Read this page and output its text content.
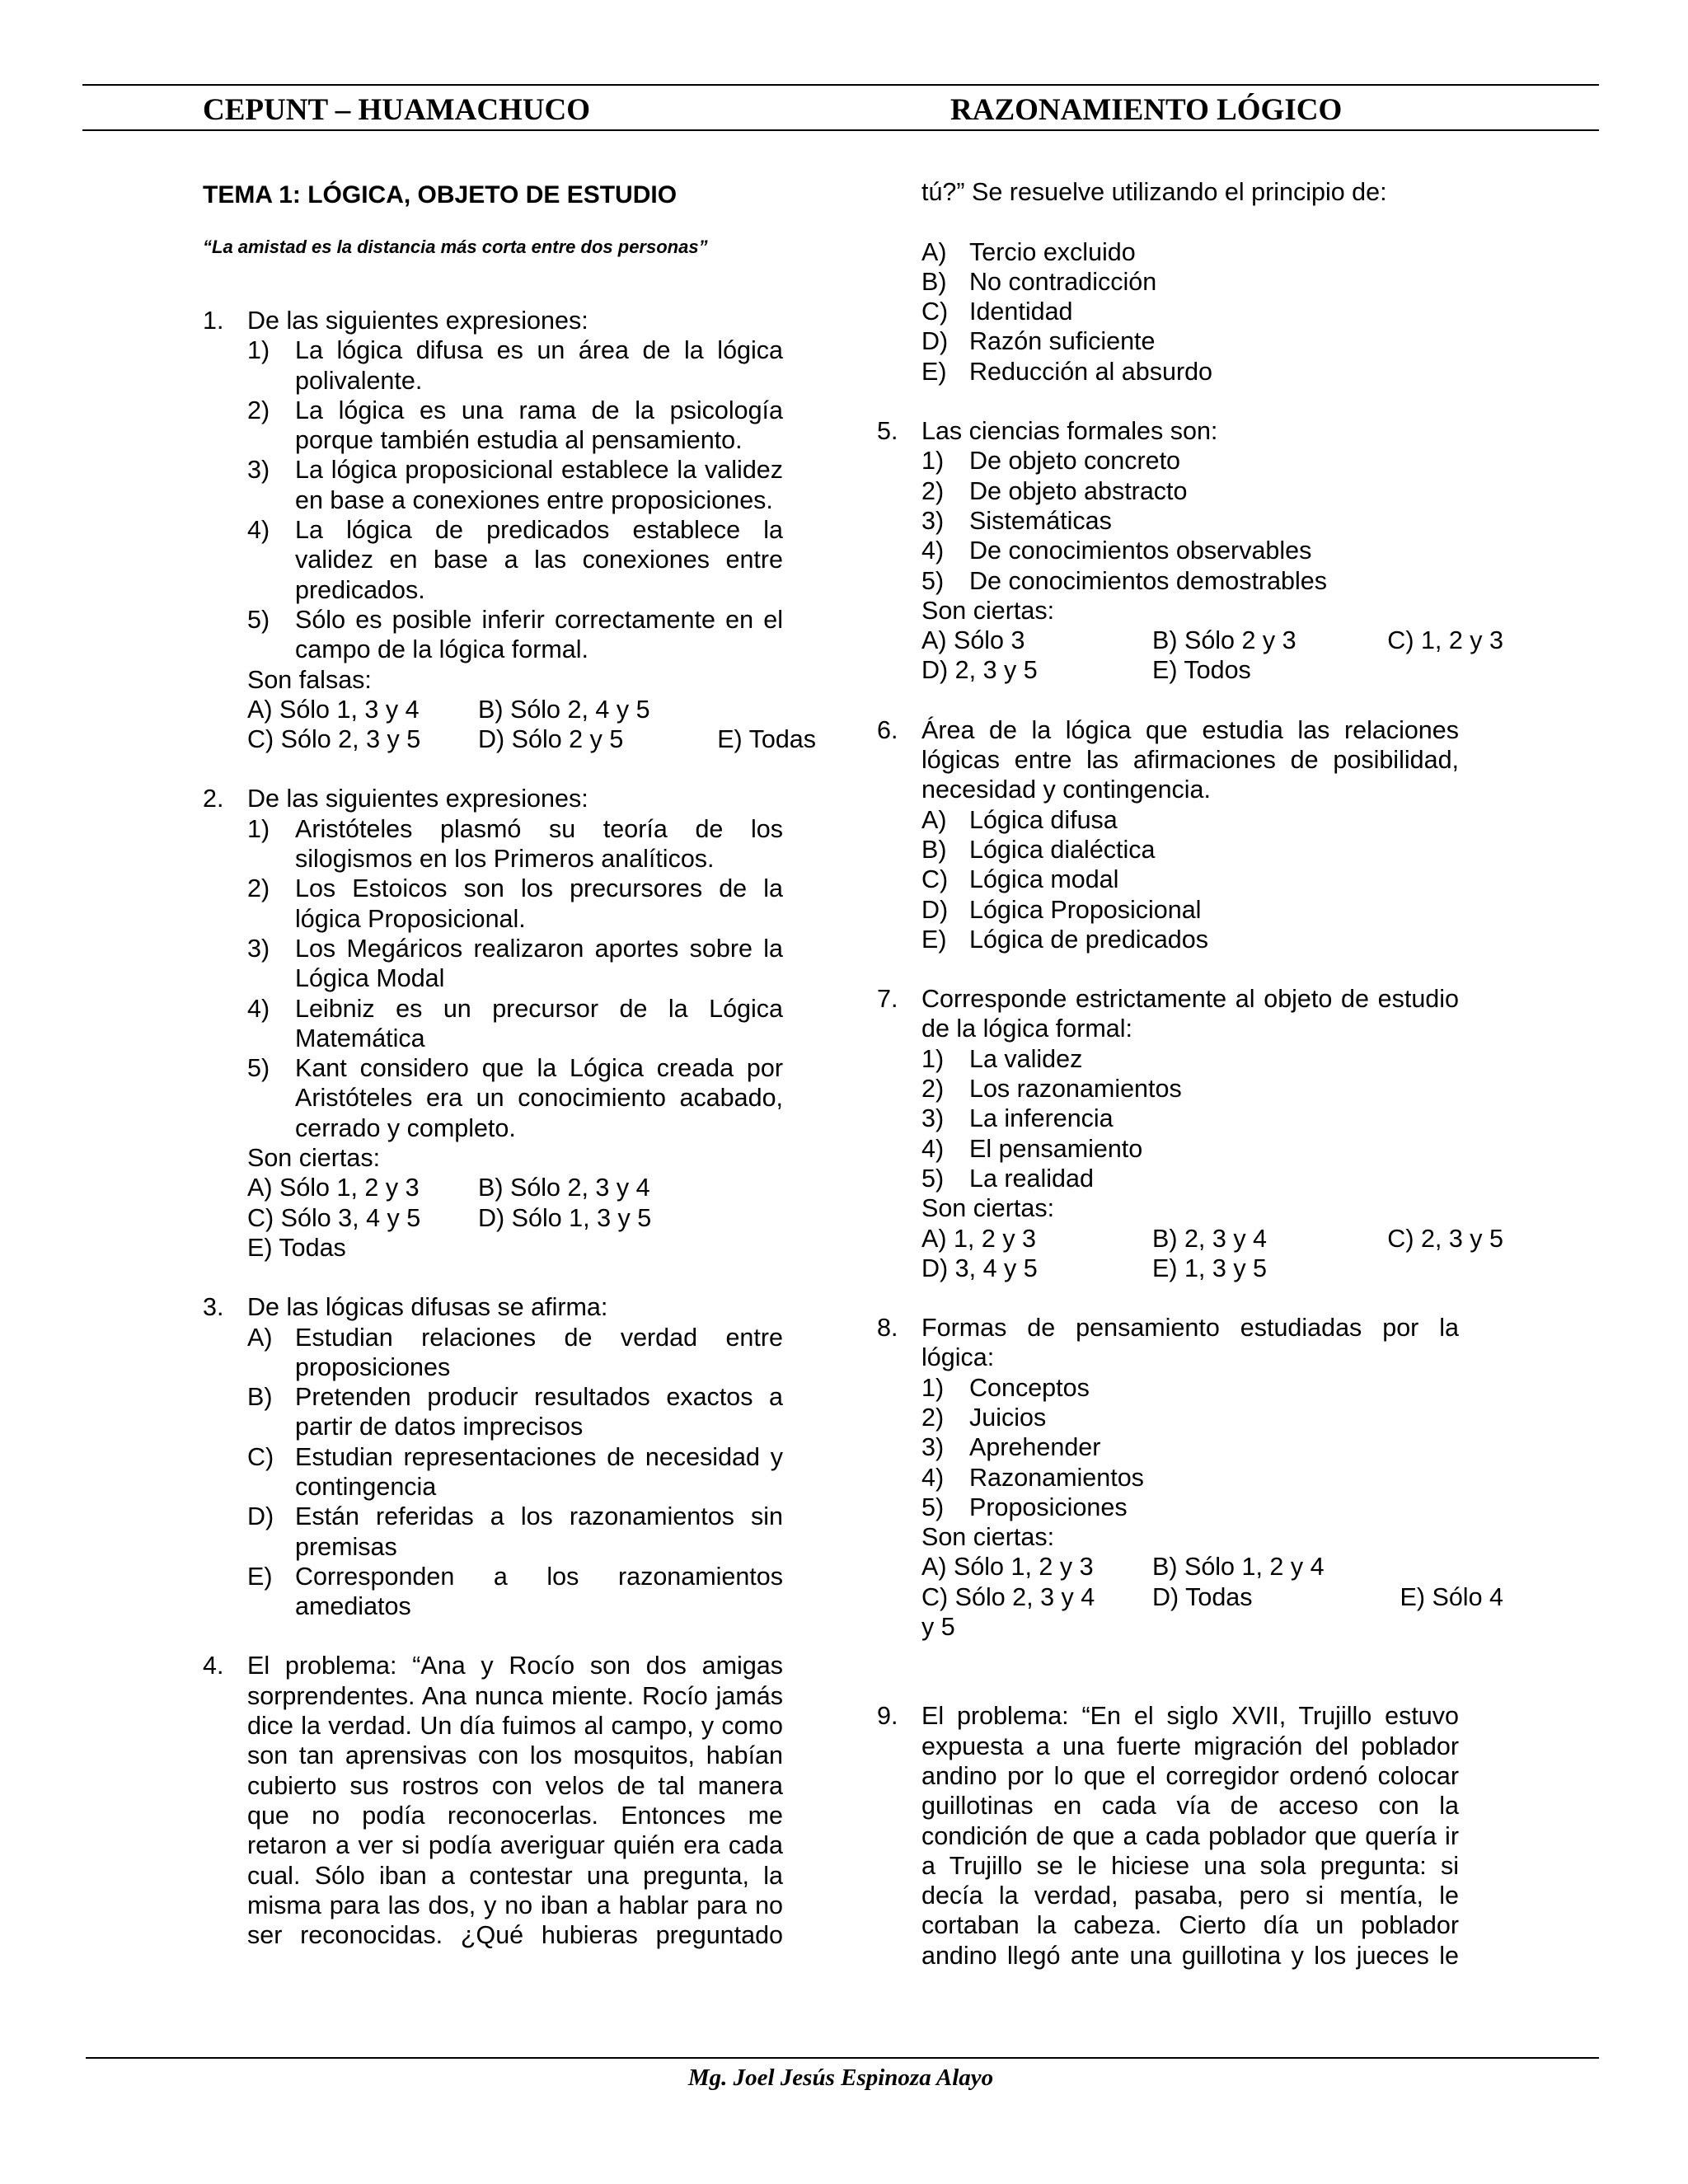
CEPUNT – HUAMACHUCO	RAZONAMIENTO LÓGICO
TEMA 1: LÓGICA, OBJETO DE ESTUDIO
“La amistad es la distancia más corta entre dos personas”
1. De las siguientes expresiones:
1) La lógica difusa es un área de la lógica polivalente.
2) La lógica es una rama de la psicología porque también estudia al pensamiento.
3) La lógica proposicional establece la validez en base a conexiones entre proposiciones.
4) La lógica de predicados establece la validez en base a las conexiones entre predicados.
5) Sólo es posible inferir correctamente en el campo de la lógica formal.
Son falsas:
A) Sólo 1, 3 y 4	B) Sólo 2, 4 y 5
C) Sólo 2, 3 y 5	D) Sólo 2 y 5	E) Todas
2. De las siguientes expresiones:
1) Aristóteles plasmó su teoría de los silogismos en los Primeros analíticos.
2) Los Estoicos son los precursores de la lógica Proposicional.
3) Los Megáricos realizaron aportes sobre la Lógica Modal
4) Leibniz es un precursor de la Lógica Matemática
5) Kant considero que la Lógica creada por Aristóteles era un conocimiento acabado, cerrado y completo.
Son ciertas:
A) Sólo 1, 2 y 3	B) Sólo 2, 3 y 4
C) Sólo 3, 4 y 5	D) Sólo 1, 3 y 5
E) Todas
3. De las lógicas difusas se afirma:
A) Estudian relaciones de verdad entre proposiciones
B) Pretenden producir resultados exactos a partir de datos imprecisos
C) Estudian representaciones de necesidad y contingencia
D) Están referidas a los razonamientos sin premisas
E) Corresponden a los razonamientos amediatos
4. El problema: “Ana y Rocío son dos amigas sorprendentes. Ana nunca miente. Rocío jamás dice la verdad. Un día fuimos al campo, y como son tan aprensivas con los mosquitos, habían cubierto sus rostros con velos de tal manera que no podía reconocerlas. Entonces me retaron a ver si podía averiguar quién era cada cual. Sólo iban a contestar una pregunta, la misma para las dos, y no iban a hablar para no ser reconocidas. ¿Qué hubieras preguntado
tú?” Se resuelve utilizando el principio de:
A) Tercio excluido
B) No contradicción
C) Identidad
D) Razón suficiente
E) Reducción al absurdo
5. Las ciencias formales son:
1) De objeto concreto
2) De objeto abstracto
3) Sistemáticas
4) De conocimientos observables
5) De conocimientos demostrables
Son ciertas:
A) Sólo 3	B) Sólo 2 y 3	C) 1, 2 y 3
D) 2, 3 y 5	E) Todos
6. Área de la lógica que estudia las relaciones lógicas entre las afirmaciones de posibilidad, necesidad y contingencia.
A) Lógica difusa
B) Lógica dialéctica
C) Lógica modal
D) Lógica Proposicional
E) Lógica de predicados
7. Corresponde estrictamente al objeto de estudio de la lógica formal:
1) La validez
2) Los razonamientos
3) La inferencia
4) El pensamiento
5) La realidad
Son ciertas:
A) 1, 2 y 3	B) 2, 3 y 4	C) 2, 3 y 5
D) 3, 4 y 5	E) 1, 3 y 5
8. Formas de pensamiento estudiadas por la lógica:
1) Conceptos
2) Juicios
3) Aprehender
4) Razonamientos
5) Proposiciones
Son ciertas:
A) Sólo 1, 2 y 3	B) Sólo 1, 2 y 4
C) Sólo 2, 3 y 4	D) Todas	E) Sólo 4
y 5
9. El problema: “En el siglo XVII, Trujillo estuvo expuesta a una fuerte migración del poblador andino por lo que el corregidor ordenó colocar guillotinas en cada vía de acceso con la condición de que a cada poblador que quería ir a Trujillo se le hiciese una sola pregunta: si decía la verdad, pasaba, pero si mentía, le cortaban la cabeza. Cierto día un poblador andino llegó ante una guillotina y los jueces le
Mg. Joel Jesús Espinoza Alayo
